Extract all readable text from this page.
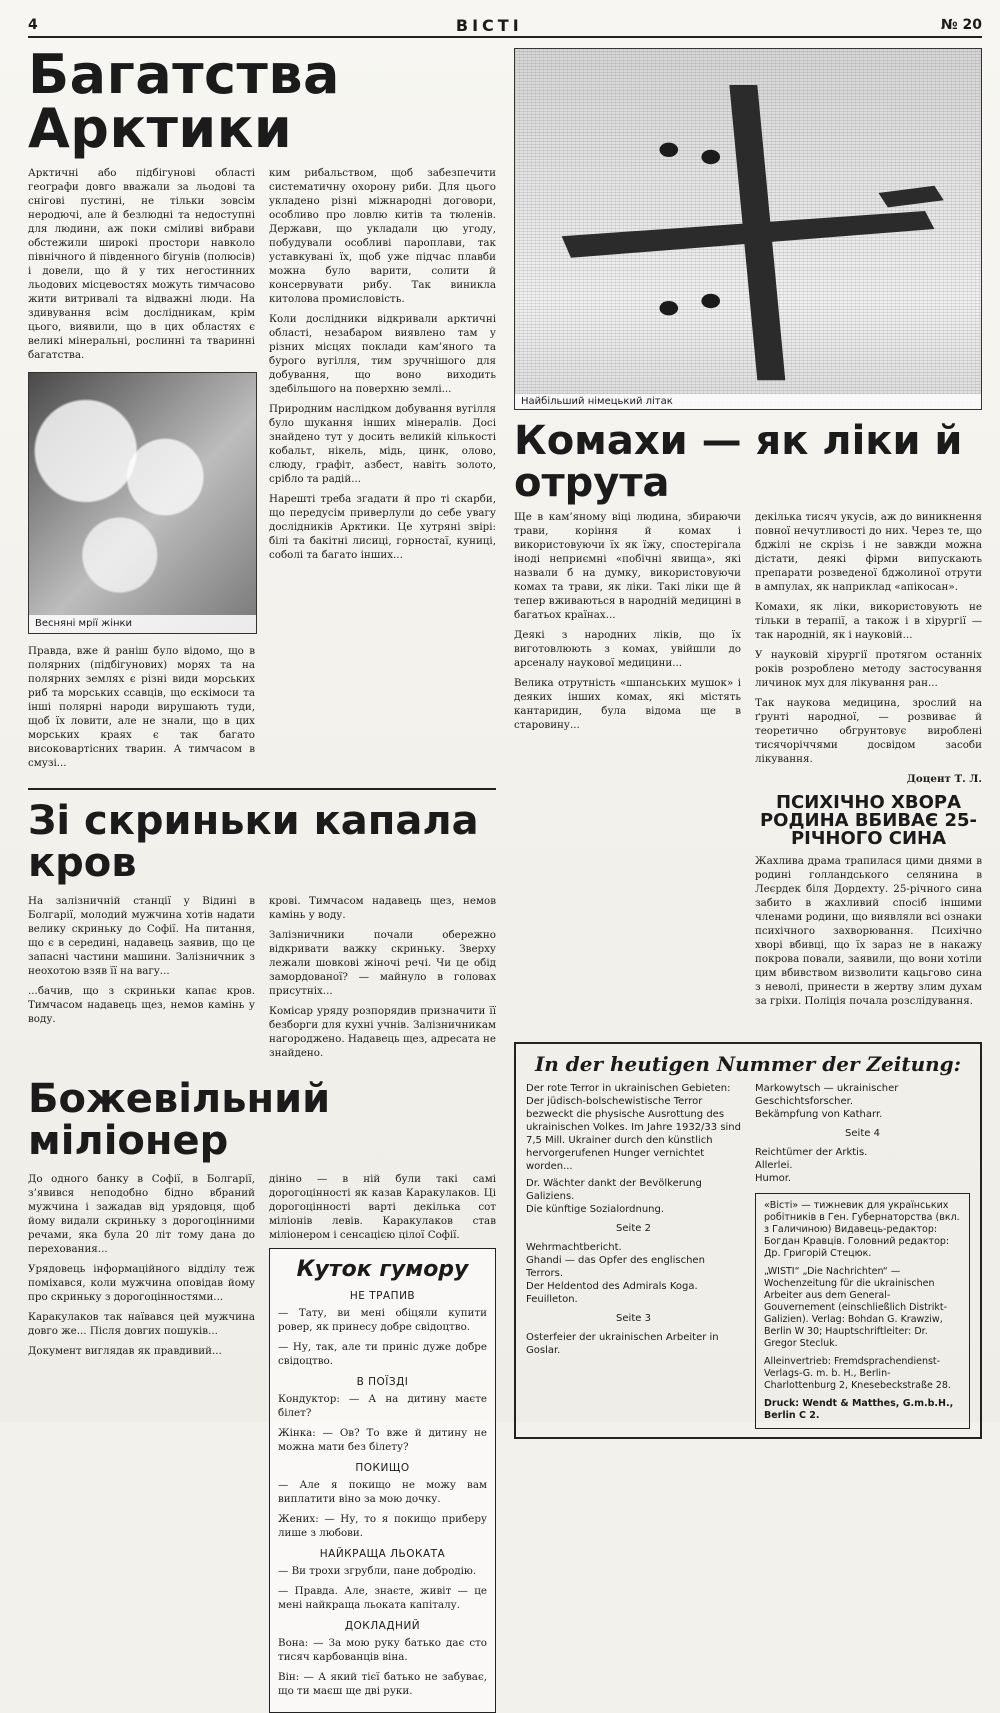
4	ВІСТІ	№ 20
Багатства Арктики

Арктичні або підбігунові області географи довго вважали за льодові та снігові пустині, не тільки зовсім неродючі, але й безлюдні та недоступні для людини, аж поки сміливі вибрави обстежили широкі простори навколо північного й південного бігунів (полюсів) і довели, що й у тих негостинних льодових місцевостях можуть тимчасово жити витривалі та відважні люди. На здивування всім дослідникам, крім цього, виявили, що в цих областях є великі мінеральні, рослинні та тваринні багатства.

Весняні мрії жінки

Правда, вже й раніш було відомо, що в полярних (підбігунових) морях та на полярних землях є різні види морських риб та морських ссавців, що ескімоси та інші полярні народи вирушають туди, щоб їх ловити, але не знали, що в цих морських краях є так багато високовартісних тварин. А тимчасом в смузі...

ким рибальством, щоб забезпечити систематичну охорону риби. Для цього укладено різні міжнародні договори, особливо про ловлю китів та тюленів. Держави, що укладали цю угоду, побудували особливі пароплави, так уставкувані їх, щоб уже підчас плавби можна було варити, солити й консервувати рибу. Так виникла китолова промисловість.

Коли дослідники відкривали арктичні області, незабаром виявлено там у різних місцях поклади кам’яного та бурого вугілля, тим зручнішого для добування, що воно виходить здебільшого на поверхню землі...

Природним наслідком добування вугілля було шукання інших мінералів. Досі знайдено тут у досить великій кількості кобальт, нікель, мідь, цинк, олово, слюду, графіт, азбест, навіть золото, срібло та радій...

Нарешті треба згадати й про ті скарби, що передусім приверлули до себе увагу дослідників Арктики. Це хутряні звірі: білі та бакітні лисиці, горностаї, куниці, соболі та багато інших...

Зі скриньки капала кров

На залізничній станції у Відині в Болгарії, молодий мужчина хотів надати велику скриньку до Софії. На питання, що є в середині, надавець заявив, що це запасні частини машини. Залізничник з неохотою взяв її на вагу...

...бачив, що з скриньки капає кров. Тимчасом надавець щез, немов камінь у воду.

крові. Тимчасом надавець щез, немов камінь у воду.

Залізничники почали обережно відкривати важку скриньку. Зверху лежали шовкові жіночі речі. Чи це обід замордованої? — майнуло в головах присутніх...

Комісар уряду розпорядив призначити її безборги для кухні учнів. Залізничникам нагороджено. Надавець щез, адресата не знайдено.

Божевільний міліонер

До одного банку в Софії, в Болгарії, з’явився неподобно бідно вбраний мужчина і зажадав від урядовця, щоб йому видали скриньку з дорогоцінними речами, яка була 20 літ тому дана до перехования...

Урядовець інформаційного відділу теж поміхався, коли мужчина оповідав йому про скриньку з дорогоцінностями...

Каракулаков так наївався цей мужчина довго же... Після довгих пошуків...

Документ виглядав як правдивий...

дініно — в ній були такі самі дорогоцінності як казав Каракулаков. Ці дорогоцінності варті декілька сот міліонів левів. Каракулаков став міліонером і сенсацією цілої Софії.

Куток гумору
НЕ ТРАПИВ

— Тату, ви мені обіцяли купити ровер, як принесу добре свідоцтво.

— Ну, так, але ти приніс дуже добре свідоцтво.

В ПОЇЗДІ

Кондуктор: — А на дитину маєте білет?

Жінка: — Ов? То вже й дитину не можна мати без білету?

ПОКИЩО

— Але я покищо не можу вам виплатити віно за мою дочку.

Жених: — Ну, то я покищо приберу лише з любови.

НАЙКРАЩА ЛЬОКАТА

— Ви трохи згрубли, пане добродію.

— Правда. Але, знаєте, живіт — це мені найкраща льоката капіталу.

ДОКЛАДНИЙ

Вона: — За мою руку батько дає сто тисяч карбованців віна.

Він: — А який тієї батько не забуває, що ти маєш ще дві руки.

Найбільший німецький літак
Комахи — як ліки й отрута

Ще в кам’яному віці людина, збираючи трави, коріння й комах і використовуючи їх як їжу, спостерігала іноді неприємні «побічні явища», які назвали б на думку, використовуючи комах та трави, як ліки. Такі ліки ще й тепер вживаються в народній медицині в багатьох країнах...

Деякі з народних ліків, що їх виготовлюють з комах, увійшли до арсеналу наукової медицини...

Велика отрутність «шпанських мушок» і деяких інших комах, які містять кантаридин, була відома ще в старовину...

декілька тисяч укусів, аж до виникнення повної нечутливості до них. Через те, що бджілі не скрізь і не завжди можна дістати, деякі фірми випускають препарати розведеної бджолиної отрути в ампулах, як наприклад «апікосан».

Комахи, як ліки, використовують не тільки в терапії, а також і в хірургії — так народній, як і науковій...

У науковій хірургії протягом останніх років розроблено методу застосування личинок мух для лікування ран...

Так наукова медицина, зрослий на ґрунті народної, — розвиває й теоретично обгрунтовує вироблені тисячоріччями досвідом засоби лікування.

Доцент Т. Л.

ПСИХІЧНО ХВОРА РОДИНА ВБИВАЄ 25-РІЧНОГО СИНА

Жахлива драма трапилася цими днями в родині голландського селянина в Леєрдек біля Дордехту. 25-річного сина забито в жахливий спосіб іншими членами родини, що виявляли всі ознаки психічного захворювання. Психічно хворі вбивці, що їх зараз не в накажу покрова повали, заявили, що вони хотіли цим вбивством визволити кацьгово сина з неволі, принести в жертву злим духам за гріхи. Поліція почала розслідування.

In der heutigen Nummer der Zeitung:
Der rote Terror in ukrainischen Gebieten: Der jüdisch-bolschewistische Terror bezweckt die physische Ausrottung des ukrainischen Volkes. Im Jahre 1932/33 sind 7,5 Mill. Ukrainer durch den künstlich hervorgerufenen Hunger vernichtet worden...
Dr. Wächter dankt der Bevölkerung Galiziens.
Die künftige Sozialordnung.
Seite 2
Wehrmachtbericht.
Ghandi — das Opfer des englischen Terrors.
Der Heldentod des Admirals Koga.
Feuilleton.
Seite 3
Osterfeier der ukrainischen Arbeiter in Goslar.
Markowytsch — ukrainischer Geschichtsforscher.
Bekämpfung von Katharr.
Seite 4
Reichtümer der Arktis.
Allerlei.
Humor.
«Вісті» — тижневик для українських робітників в Ген. Губернаторства (вкл. з Галичиною) Видавець-редактор: Богдан Кравців. Головний редактор: Др. Григорій Стецюк.
„WISTI“ „Die Nachrichten“ — Wochenzeitung für die ukrainischen Arbeiter aus dem General-Gouvernement (einschließlich Distrikt-Galizien). Verlag: Bohdan G. Krawziw, Berlin W 30; Hauptschriftleiter: Dr. Gregor Stecluk.
Alleinvertrieb: Fremdsprachendienst-Verlags-G. m. b. H., Berlin-Charlottenburg 2, Knesebeckstraße 28.
Druck: Wendt & Matthes, G.m.b.H., Berlin C 2.
